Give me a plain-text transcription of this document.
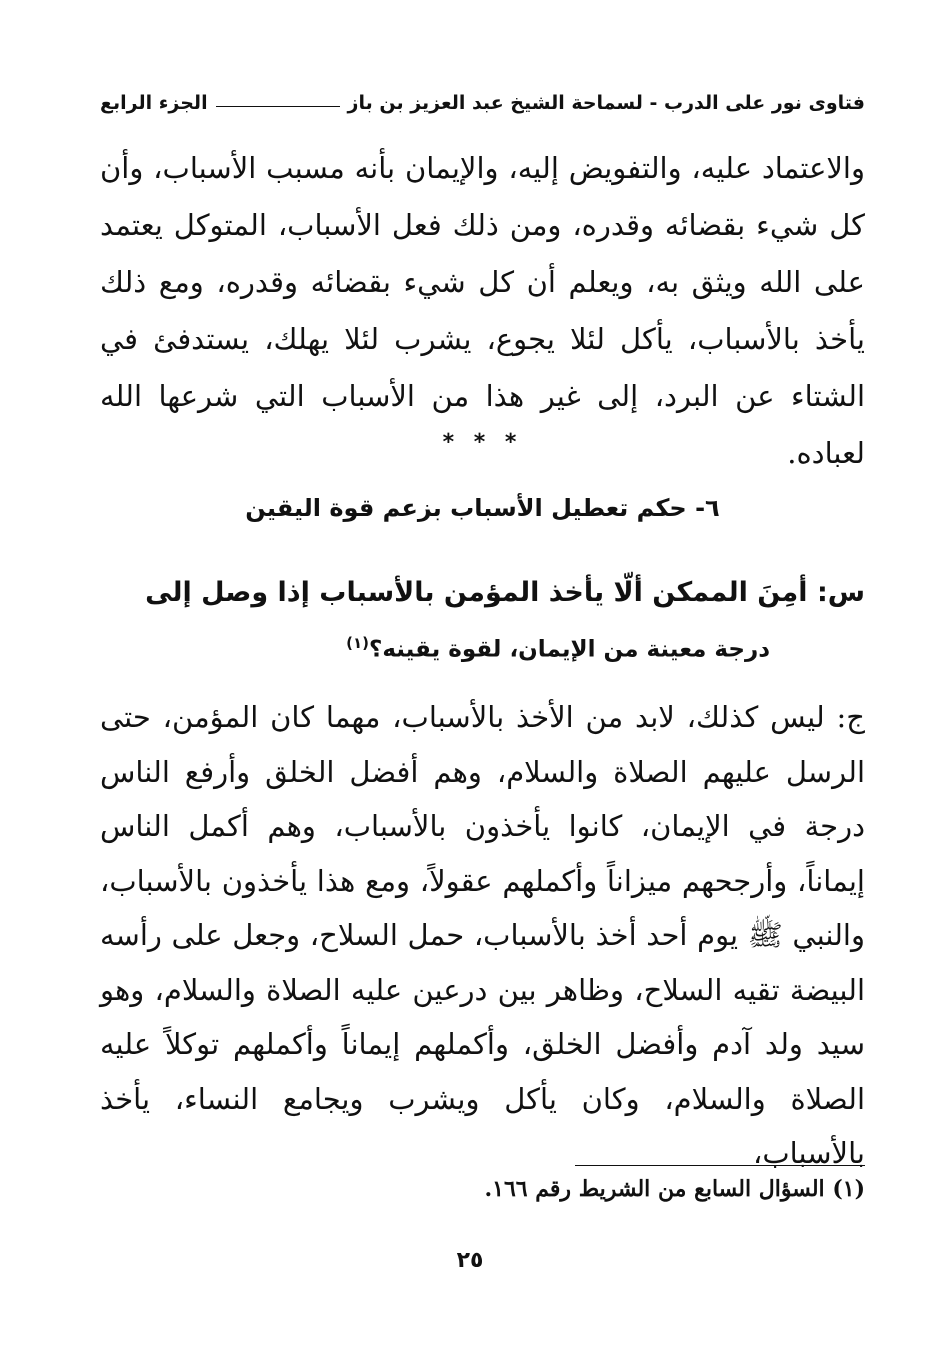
فتاوى نور على الدرب - لسماحة الشيخ عبد العزيز بن باز
الجزء الرابع

والاعتماد عليه، والتفويض إليه، والإيمان بأنه مسبب الأسباب، وأن كل شيء بقضائه وقدره، ومن ذلك فعل الأسباب، المتوكل يعتمد على الله ويثق به، ويعلم أن كل شيء بقضائه وقدره، ومع ذلك يأخذ بالأسباب، يأكل لئلا يجوع، يشرب لئلا يهلك، يستدفئ في الشتاء عن البرد، إلى غير هذا من الأسباب التي شرعها الله لعباده.

* * *
٦- حكم تعطيل الأسباب بزعم قوة اليقين

س: أمِنَ الممكن ألّا يأخذ المؤمن بالأسباب إذا وصل إلى
درجة معينة من الإيمان، لقوة يقينه؟$^{(١)}$

ج: ليس كذلك، لابد من الأخذ بالأسباب، مهما كان المؤمن، حتى الرسل عليهم الصلاة والسلام، وهم أفضل الخلق وأرفع الناس درجة في الإيمان، كانوا يأخذون بالأسباب، وهم أكمل الناس إيماناً، وأرجحهم ميزاناً وأكملهم عقولاً، ومع هذا يأخذون بالأسباب، والنبي ﷺ يوم أحد أخذ بالأسباب، حمل السلاح، وجعل على رأسه البيضة تقيه السلاح، وظاهر بين درعين عليه الصلاة والسلام، وهو سيد ولد آدم وأفضل الخلق، وأكملهم إيماناً وأكملهم توكلاً عليه الصلاة والسلام، وكان يأكل ويشرب ويجامع النساء، يأخذ بالأسباب،

(١) السؤال السابع من الشريط رقم ١٦٦.
٢٥
